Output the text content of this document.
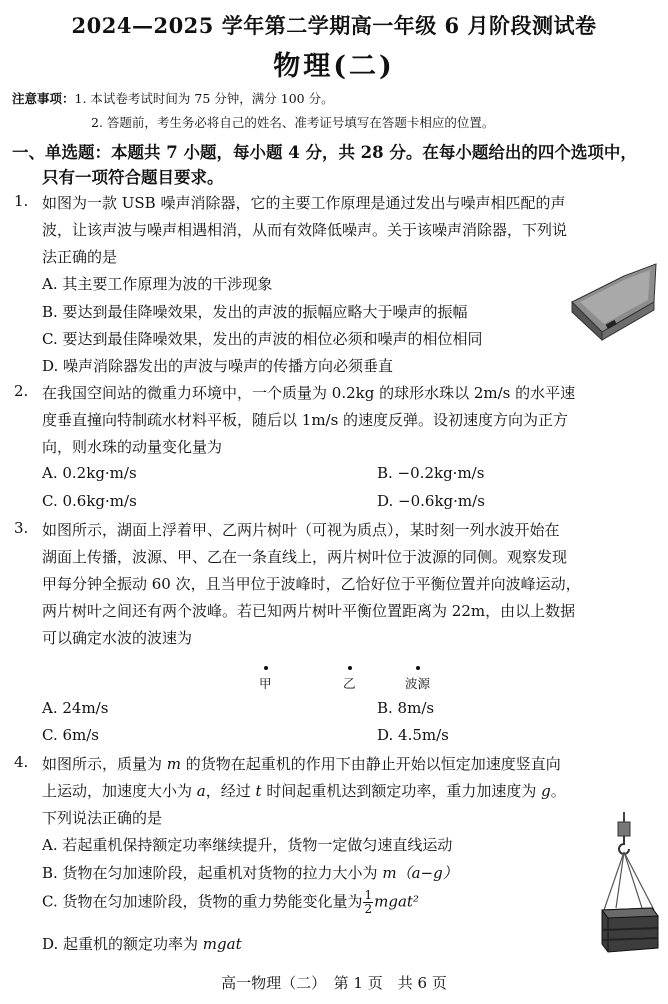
2024—2025 学年第二学期高一年级 6 月阶段测试卷
物理(二)
注意事项：1. 本试卷考试时间为 75 分钟，满分 100 分。
2. 答题前，考生务必将自己的姓名、准考证号填写在答题卡相应的位置。
一、单选题：本题共 7 小题，每小题 4 分，共 28 分。在每小题给出的四个选项中，
只有一项符合题目要求。
1. 如图为一款 USB 噪声消除器，它的主要工作原理是通过发出与噪声相匹配的声
波，让该声波与噪声相遇相消，从而有效降低噪声。关于该噪声消除器，下列说
法正确的是
A. 其主要工作原理为波的干涉现象
B. 要达到最佳降噪效果，发出的声波的振幅应略大于噪声的振幅
C. 要达到最佳降噪效果，发出的声波的相位必须和噪声的相位相同
D. 噪声消除器发出的声波与噪声的传播方向必须垂直
2. 在我国空间站的微重力环境中，一个质量为 0.2kg 的球形水珠以 2m/s 的水平速
度垂直撞向特制疏水材料平板，随后以 1m/s 的速度反弹。设初速度方向为正方
向，则水珠的动量变化量为
A. 0.2kg·m/s	B. −0.2kg·m/s
C. 0.6kg·m/s	D. −0.6kg·m/s
3. 如图所示，湖面上浮着甲、乙两片树叶（可视为质点），某时刻一列水波开始在
湖面上传播，波源、甲、乙在一条直线上，两片树叶位于波源的同侧。观察发现
甲每分钟全振动 60 次，且当甲位于波峰时，乙恰好位于平衡位置并向波峰运动，
两片树叶之间还有两个波峰。若已知两片树叶平衡位置距离为 22m，由以上数据
可以确定水波的波速为
甲	乙	波源
A. 24m/s	B. 8m/s
C. 6m/s	D. 4.5m/s
4. 如图所示，质量为 m 的货物在起重机的作用下由静止开始以恒定加速度竖直向
上运动，加速度大小为 a，经过 t 时间起重机达到额定功率，重力加速度为 g。
下列说法正确的是
A. 若起重机保持额定功率继续提升，货物一定做匀速直线运动
B. 货物在匀加速阶段，起重机对货物的拉力大小为 m（a−g）
C. 货物在匀加速阶段，货物的重力势能变化量为 $\frac{1}{2}$ mgat²
D. 起重机的额定功率为 mgat
高一物理（二）　第 1 页　共 6 页
